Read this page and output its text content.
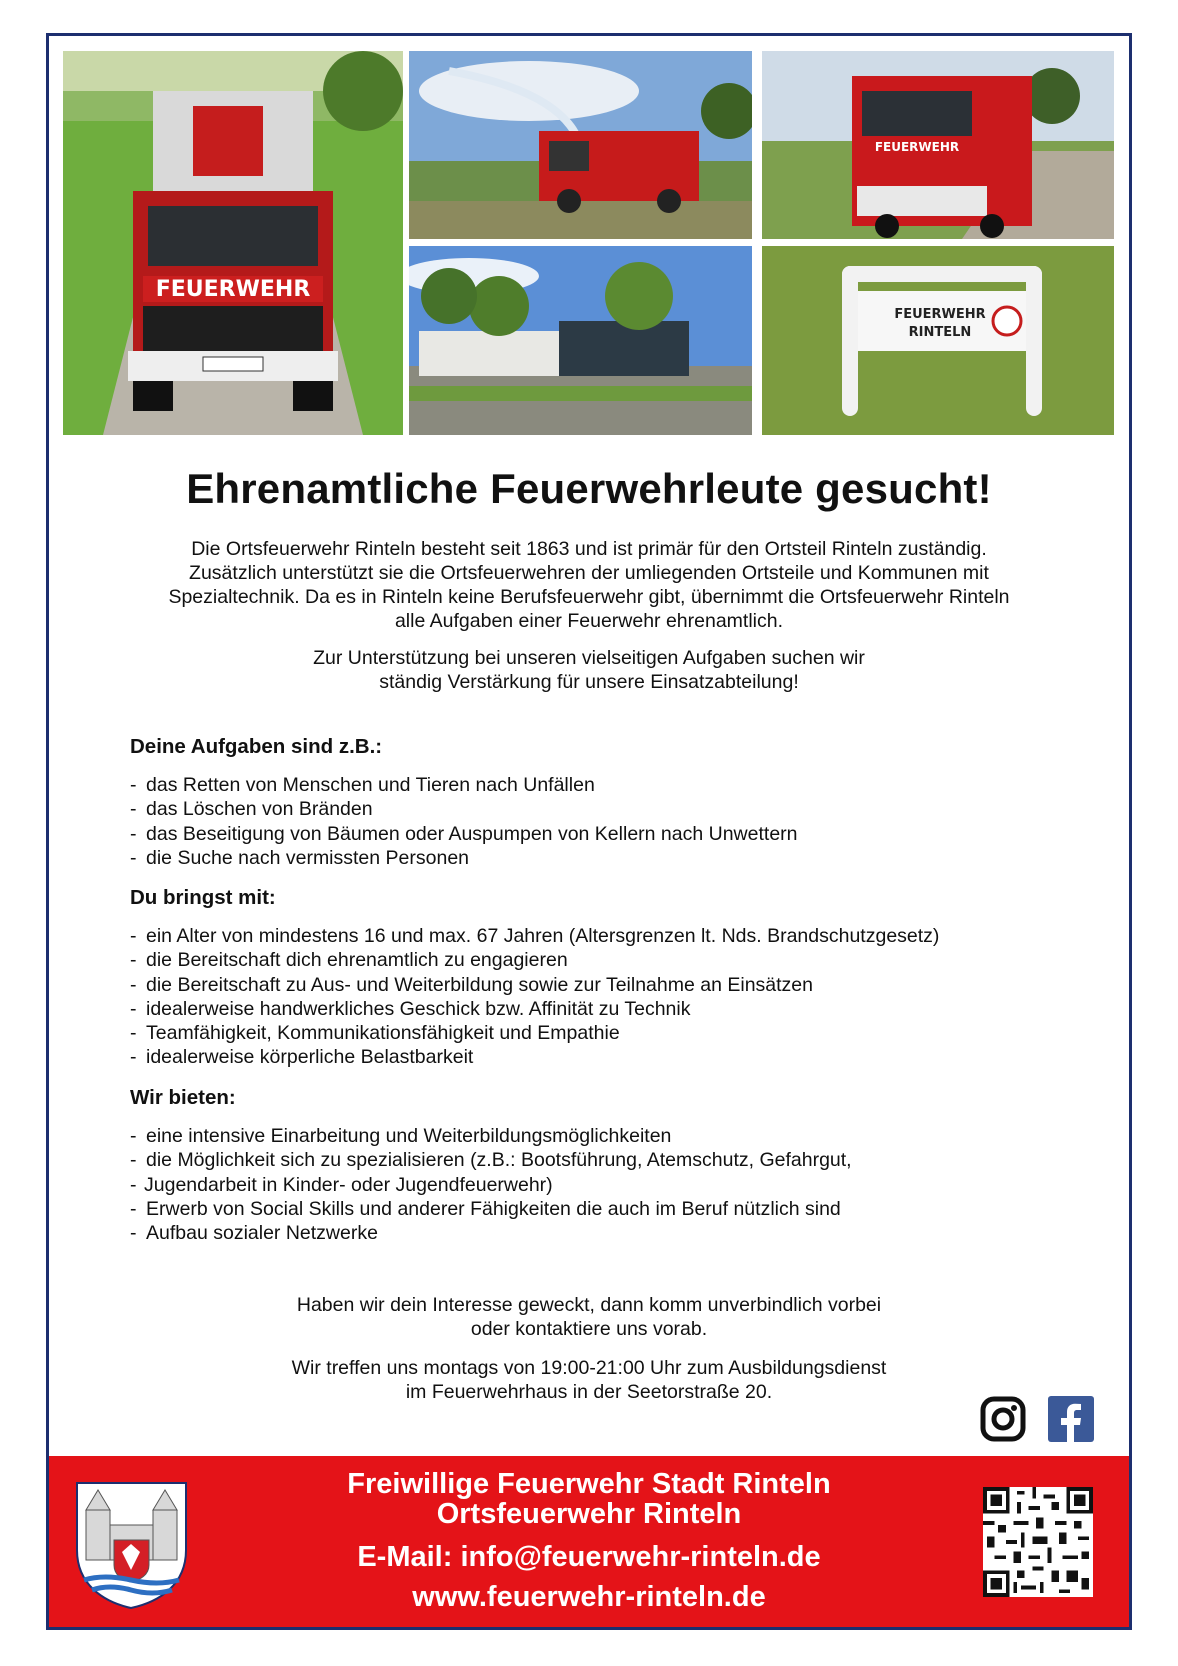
FEUERWEHR
FEUERWEHR
FEUERWEHR
RINTELN
Ehrenamtliche Feuerwehrleute gesucht!

Die Ortsfeuerwehr Rinteln besteht seit 1863 und ist primär für den Ortsteil Rinteln zuständig.

Zusätzlich unterstützt sie die Ortsfeuerwehren der umliegenden Ortsteile und Kommunen mit

Spezialtechnik. Da es in Rinteln keine Berufsfeuerwehr gibt, übernimmt die Ortsfeuerwehr Rinteln

alle Aufgaben einer Feuerwehr ehrenamtlich.

Zur Unterstützung bei unseren vielseitigen Aufgaben suchen wir

ständig Verstärkung für unsere Einsatzabteilung!

Deine Aufgaben sind z.B.:
- das Retten von Menschen und Tieren nach Unfällen
- das Löschen von Bränden
- das Beseitigung von Bäumen oder Auspumpen von Kellern nach Unwettern
- die Suche nach vermissten Personen
Du bringst mit:
- ein Alter von mindestens 16 und max. 67 Jahren (Altersgrenzen lt. Nds. Brandschutzgesetz)
- die Bereitschaft dich ehrenamtlich zu engagieren
- die Bereitschaft zu Aus- und Weiterbildung sowie zur Teilnahme an Einsätzen
- idealerweise handwerkliches Geschick bzw. Affinität zu Technik
- Teamfähigkeit, Kommunikationsfähigkeit und Empathie
- idealerweise körperliche Belastbarkeit
Wir bieten:
- eine intensive Einarbeitung und Weiterbildungsmöglichkeiten
- die Möglichkeit sich zu spezialisieren (z.B.: Bootsführung, Atemschutz, Gefahrgut,
- Jugendarbeit in Kinder- oder Jugendfeuerwehr)
- Erwerb von Social Skills und anderer Fähigkeiten die auch im Beruf nützlich sind
- Aufbau sozialer Netzwerke

Haben wir dein Interesse geweckt, dann komm unverbindlich vorbei

oder kontaktiere uns vorab.

Wir treffen uns montags von 19:00-21:00 Uhr zum Ausbildungsdienst

im Feuerwehrhaus in der Seetorstraße 20.

Freiwillige Feuerwehr Stadt Rinteln
Ortsfeuerwehr Rinteln
E-Mail: info@feuerwehr-rinteln.de
www.feuerwehr-rinteln.de
